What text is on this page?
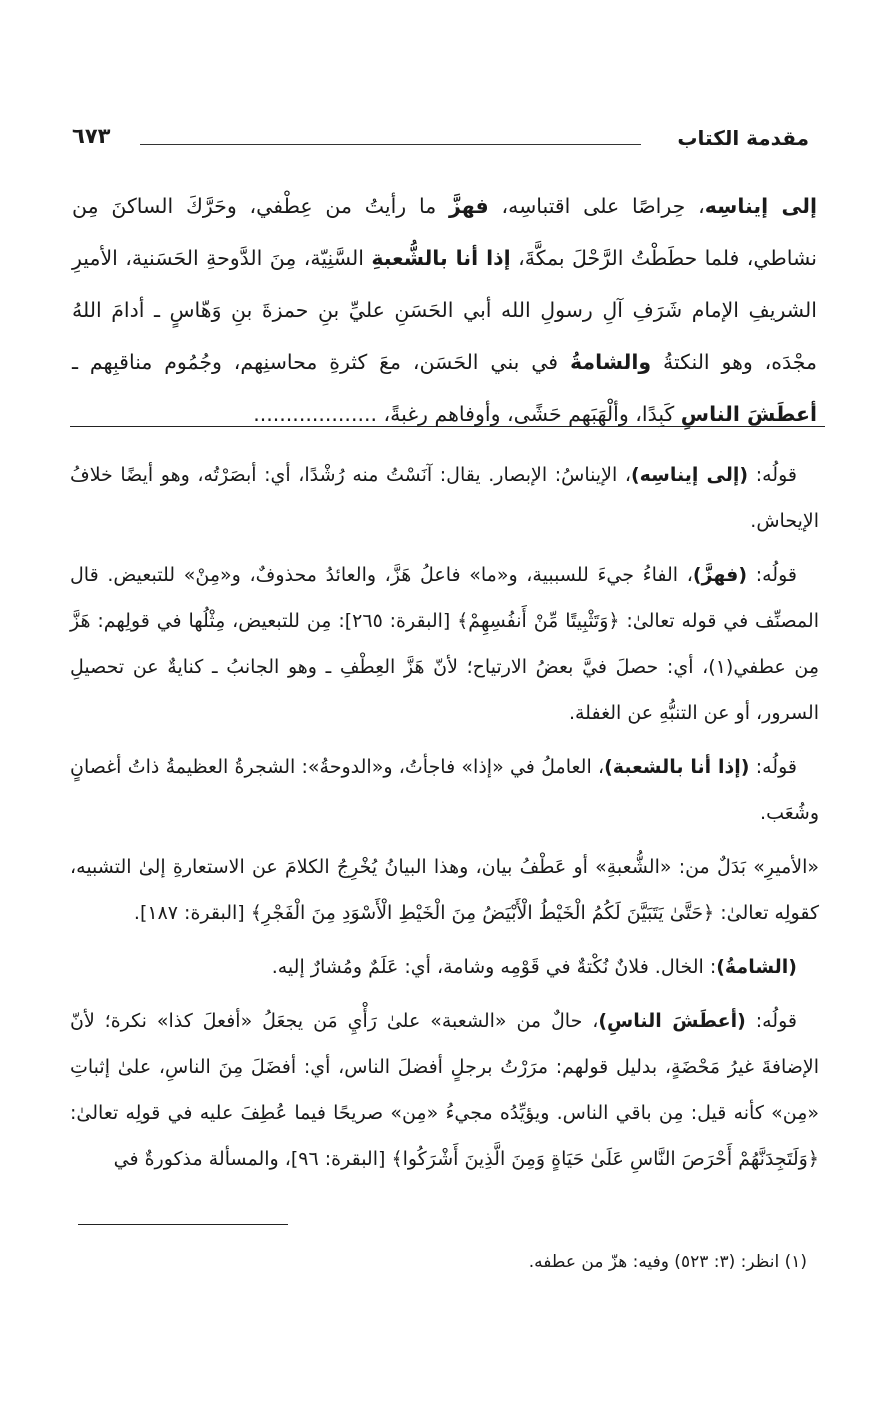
مقدمة الكتاب
٦٧٣

إلى إيناسِه، حِراصًا على اقتباسِه، فهزَّ ما رأيتُ من عِطْفي، وحَرَّكَ الساكنَ مِن نشاطي، فلما حطَطْتُ الرَّحْلَ بمكَّةَ، إذا أنا بالشُّعبةِ السَّنِيّة، مِنَ الدَّوحةِ الحَسَنية، الأميرِ الشريفِ الإمام شَرَفِ آلِ رسولِ الله أبي الحَسَنِ عليِّ بنِ حمزةَ بنِ وَهّاسٍ ـ أدامَ اللهُ مجْدَه، وهو النكتةُ والشامةُ في بني الحَسَن، معَ كثرةِ محاسنِهم، وجُمُوم مناقبِهم ـ أعطَشَ الناسِ كَبِدًا، وألْهَبَهم حَشًى، وأوفاهم رغبةً، ...................

قولُه: (إلى إيناسِه)، الإيناسُ: الإبصار. يقال: آنَسْتُ منه رُشْدًا، أي: أبصَرْتُه، وهو أيضًا خلافُ الإيحاش.

قولُه: (فهزَّ)، الفاءُ جيءَ للسببية، و«ما» فاعلُ هَزَّ، والعائدُ محذوفٌ، و«مِنْ» للتبعيض. قال المصنِّف في قوله تعالىٰ: ﴿وَتَثْبِيتًا مِّنْ أَنفُسِهِمْ﴾ [البقرة: ٢٦٥]: مِن للتبعيض، مِثْلُها في قولِهم: هَزَّ مِن عطفي(١)، أي: حصلَ فيَّ بعضُ الارتياح؛ لأنّ هَزَّ العِطْفِ ـ وهو الجانبُ ـ كنايةٌ عن تحصيلِ السرور، أو عن التنبُّهِ عن الغفلة.

قولُه: (إذا أنا بالشعبة)، العاملُ في «إذا» فاجأتُ، و«الدوحةُ»: الشجرةُ العظيمةُ ذاتُ أغصانٍ وشُعَب.

«الأميرِ» بَدَلٌ من: «الشُّعبةِ» أو عَطْفُ بيان، وهذا البيانُ يُخْرِجُ الكلامَ عن الاستعارةِ إلىٰ التشبيه، كقولِه تعالىٰ: ﴿حَتَّىٰ يَتَبَيَّنَ لَكُمُ الْخَيْطُ الْأَبْيَضُ مِنَ الْخَيْطِ الْأَسْوَدِ مِنَ الْفَجْرِ﴾ [البقرة: ١٨٧].

(الشامةُ): الخال. فلانٌ نُكْتةٌ في قَوْمِه وشامة، أي: عَلَمٌ ومُشارٌ إليه.

قولُه: (أعطَشَ الناسِ)، حالٌ من «الشعبة» علىٰ رَأْيِ مَن يجعَلُ «أفعلَ كذا» نكرة؛ لأنّ الإضافةَ غيرُ مَحْضَةٍ، بدليل قولهم: مرَرْتُ برجلٍ أفضلَ الناس، أي: أفضَلَ مِنَ الناسِ، علىٰ إثباتِ «مِن» كأنه قيل: مِن باقي الناس. ويؤيِّدُه مجيءُ «مِن» صريحًا فيما عُطِفَ عليه في قولِه تعالىٰ: ﴿وَلَتَجِدَنَّهُمْ أَحْرَصَ النَّاسِ عَلَىٰ حَيَاةٍ وَمِنَ الَّذِينَ أَشْرَكُوا﴾ [البقرة: ٩٦]، والمسألة مذكورةٌ في

(١) انظر: (٣: ٥٢٣) وفيه: هزّ من عطفه.
